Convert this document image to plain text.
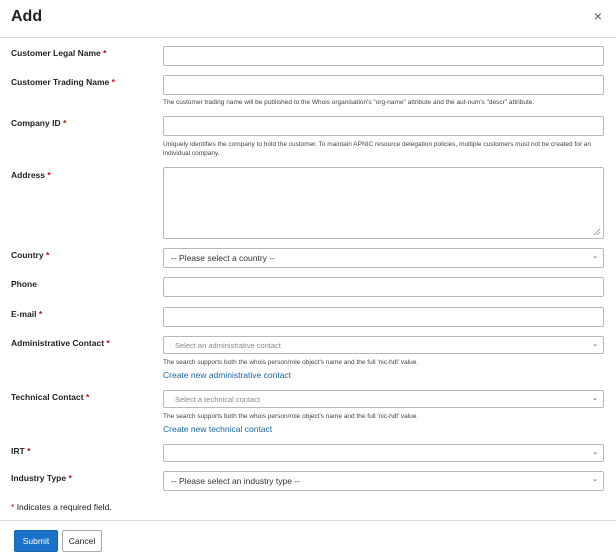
Add	×
Customer Legal Name *
Customer Trading Name *
The customer trading name will be published to the Whois organisation's "org-name" attribute and the aut-num's "descr" attribute.
Company ID *
Uniquely identifies the company to hold the customer. To maintain APNIC resource delegation policies, multiple customers must not be created for an individual company.
Address *
Country *	-- Please select a country --	⌄
Phone
E-mail *
Administrative Contact *	Select an administrative contact	⌄
The search supports both the whois person/role object's name and the full 'nic-hdl' value.
Create new administrative contact
Technical Contact *	Select a technical contact	⌄
The search supports both the whois person/role object's name and the full 'nic-hdl' value.
Create new technical contact
IRT *	⌄
Industry Type *	-- Please select an industry type --	⌄
* Indicates a required field.
Submit	Cancel
